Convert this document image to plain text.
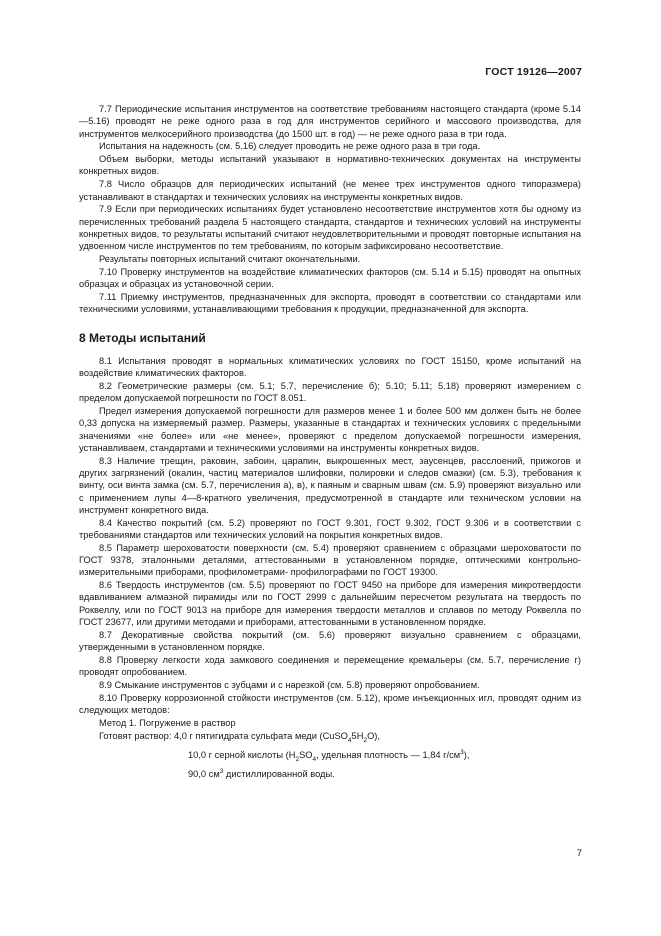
ГОСТ 19126—2007

7.7 Периодические испытания инструментов на соответствие требованиям настоящего стандарта (кроме 5.14—5.16) проводят не реже одного раза в год для инструментов серийного и массового производства, для инструментов мелкосерийного производства (до 1500 шт. в год) — не реже одного раза в три года.

Испытания на надежность (см. 5.16) следует проводить не реже одного раза в три года.

Объем выборки, методы испытаний указывают в нормативно-технических документах на инструменты конкретных видов.

7.8 Число образцов для периодических испытаний (не менее трех инструментов одного типоразмера) устанавливают в стандартах и технических условиях на инструменты конкретных видов.

7.9 Если при периодических испытаниях будет установлено несоответствие инструментов хотя бы одному из перечисленных требований раздела 5 настоящего стандарта, стандартов и технических условий на инструменты конкретных видов, то результаты испытаний считают неудовлетворительными и проводят повторные испытания на удвоенном числе инструментов по тем требованиям, по которым зафиксировано несоответствие.

Результаты повторных испытаний считают окончательными.

7.10 Проверку инструментов на воздействие климатических факторов (см. 5.14 и 5.15) проводят на опытных образцах и образцах из установочной серии.

7.11 Приемку инструментов, предназначенных для экспорта, проводят в соответствии со стандартами или техническими условиями, устанавливающими требования к продукции, предназначенной для экспорта.

8 Методы испытаний

8.1 Испытания проводят в нормальных климатических условиях по ГОСТ 15150, кроме испытаний на воздействие климатических факторов.

8.2 Геометрические размеры (см. 5.1; 5.7, перечисление б); 5.10; 5.11; 5.18) проверяют измерением с пределом допускаемой погрешности по ГОСТ 8.051.

Предел измерения допускаемой погрешности для размеров менее 1 и более 500 мм должен быть не более 0,33 допуска на измеряемый размер. Размеры, указанные в стандартах и технических условиях с предельными значениями «не более» или «не менее», проверяют с пределом допускаемой погрешности измерения, устанавливаем, стандартами и техническими условиями на инструменты конкретных видов.

8.3 Наличие трещин, раковин, забоин, царапин, выкрошенных мест, заусенцев, расслоений, прижогов и других загрязнений (окалин, частиц материалов шлифовки, полировки и следов смазки) (см. 5.3), требования к винту, оси винта замка (см. 5.7, перечисления а), в), к паяным и сварным швам (см. 5.9) проверяют визуально или с применением лупы 4—8-кратного увеличения, предусмотренной в стандарте или техническом условии на инструмент конкретного вида.

8.4 Качество покрытий (см. 5.2) проверяют по ГОСТ 9.301, ГОСТ 9.302, ГОСТ 9.306 и в соответствии с требованиями стандартов или технических условий на покрытия конкретных видов.

8.5 Параметр шероховатости поверхности (см. 5.4) проверяют сравнением с образцами шероховатости по ГОСТ 9378, эталонными деталями, аттестованными в установленном порядке, оптическими контрольно-измерительными приборами, профилометрами- профилографами по ГОСТ 19300.

8.6 Твердость инструментов (см. 5.5) проверяют по ГОСТ 9450 на приборе для измерения микротвердости вдавливанием алмазной пирамиды или по ГОСТ 2999 с дальнейшим пересчетом результата на твердость по Роквеллу, или по ГОСТ 9013 на приборе для измерения твердости металлов и сплавов по методу Роквелла по ГОСТ 23677, или другими методами и приборами, аттестованными в установленном порядке.

8.7 Декоративные свойства покрытий (см. 5.6) проверяют визуально сравнением с образцами, утвержденными в установленном порядке.

8.8 Проверку легкости хода замкового соединения и перемещение кремальеры (см. 5.7, перечисление г) проводят опробованием.

8.9 Смыкание инструментов с зубцами и с нарезкой (см. 5.8) проверяют опробованием.

8.10 Проверку коррозионной стойкости инструментов (см. 5.12), кроме инъекционных игл, проводят одним из следующих методов:

Метод 1. Погружение в раствор

Готовят раствор: 4,0 г пятигидрата сульфата меди $(CuSO_45H_2O)$,

10,0 г серной кислоты ($H_2SO_4$, удельная плотность — 1,84 $г/см^3$),

90,0 $см^3$ дистиллированной воды.

7
